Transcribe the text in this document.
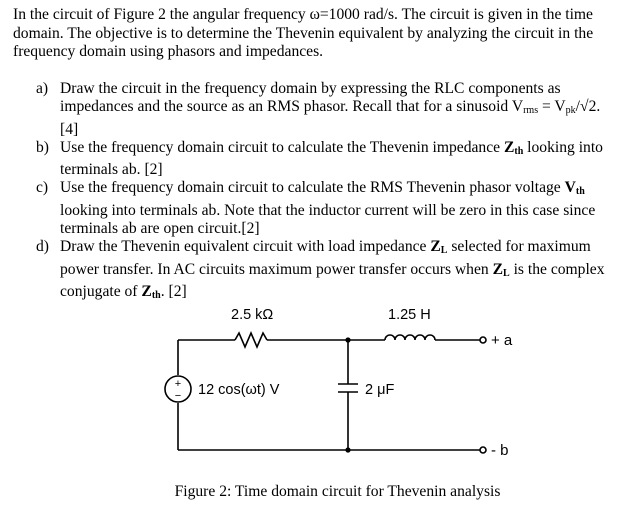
In the circuit of Figure 2 the angular frequency ω=1000 rad/s. The circuit is given in the time domain. The objective is to determine the Thevenin equivalent by analyzing the circuit in the frequency domain using phasors and impedances.

a) Draw the circuit in the frequency domain by expressing the RLC components as impedances and the source as an RMS phasor. Recall that for a sinusoid $V_{rms} = V_{pk}/√2$. [4]
b) Use the frequency domain circuit to calculate the Thevenin impedance $Z_{th}$ looking into terminals ab. [2]
c) Use the frequency domain circuit to calculate the RMS Thevenin phasor voltage $V_{th}$ looking into terminals ab. Note that the inductor current will be zero in this case since terminals ab are open circuit.[2]
d) Draw the Thevenin equivalent circuit with load impedance $Z_L$ selected for maximum power transfer. In AC circuits maximum power transfer occurs when $Z_L$ is the complex conjugate of $Z_{th}$. [2]
+
−
2.5 kΩ	1.25 H
12 cos(ωt) V	2 μF
+ a
- b
Figure 2: Time domain circuit for Thevenin analysis
